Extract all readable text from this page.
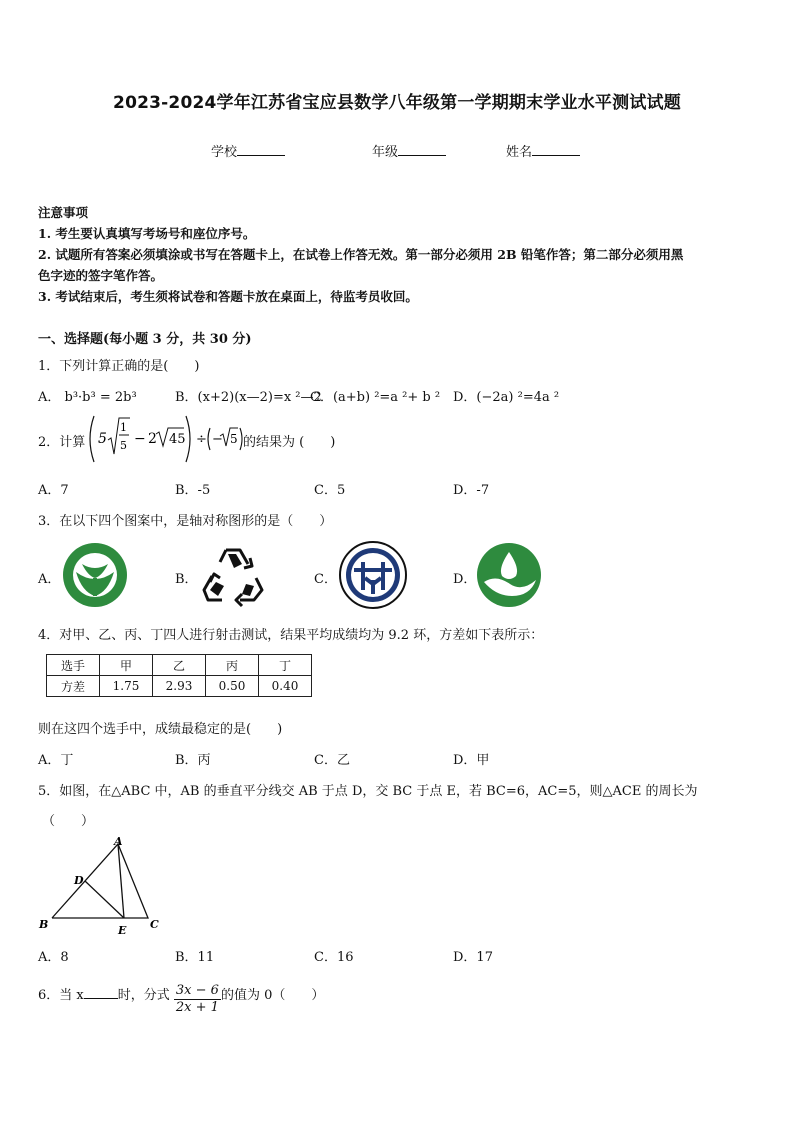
2023-2024学年江苏省宝应县数学八年级第一学期期末学业水平测试试题
学校	年级	姓名
注意事项
1. 考生要认真填写考场号和座位序号。
2. 试题所有答案必须填涂或书写在答题卡上，在试卷上作答无效。第一部分必须用 2B 铅笔作答；第二部分必须用黑
色字迹的签字笔作答。
3. 考试结束后，考生须将试卷和答题卡放在桌面上，待监考员收回。
一、选择题(每小题 3 分，共 30 分)
1．下列计算正确的是(　　)
A． b³·b³ = 2b³	B．(x+2)(x—2)=x ²—2
C．(a+b) ²=a ²+ b ² D．(−2a) ²=4a ²
2．计算 5
1
5 − 2 45 ÷ − 5 的结果为 (　　)
A．7	B．-5	C．5	D．-7
3．在以下四个图案中，是轴对称图形的是（　　）
A．	B．	C．	D．
4．对甲、乙、丙、丁四人进行射击测试，结果平均成绩均为 9.2 环，方差如下表所示：
选手	甲	乙	丙	丁
方差	1.75	2.93	0.50	0.40
则在这四个选手中，成绩最稳定的是(　　)
A．丁	B．丙	C．乙	D．甲
5．如图，在△ABC 中，AB 的垂直平分线交 AB 于点 D，交 BC 于点 E，若 BC=6，AC=5，则△ACE 的周长为
（　　）
A
B	C
D
E
A．8	B．11	C．16	D．17
6．当 x	时，分式 $\frac{3x - 6}{2x + 1}$ 的值为 0（　　）
